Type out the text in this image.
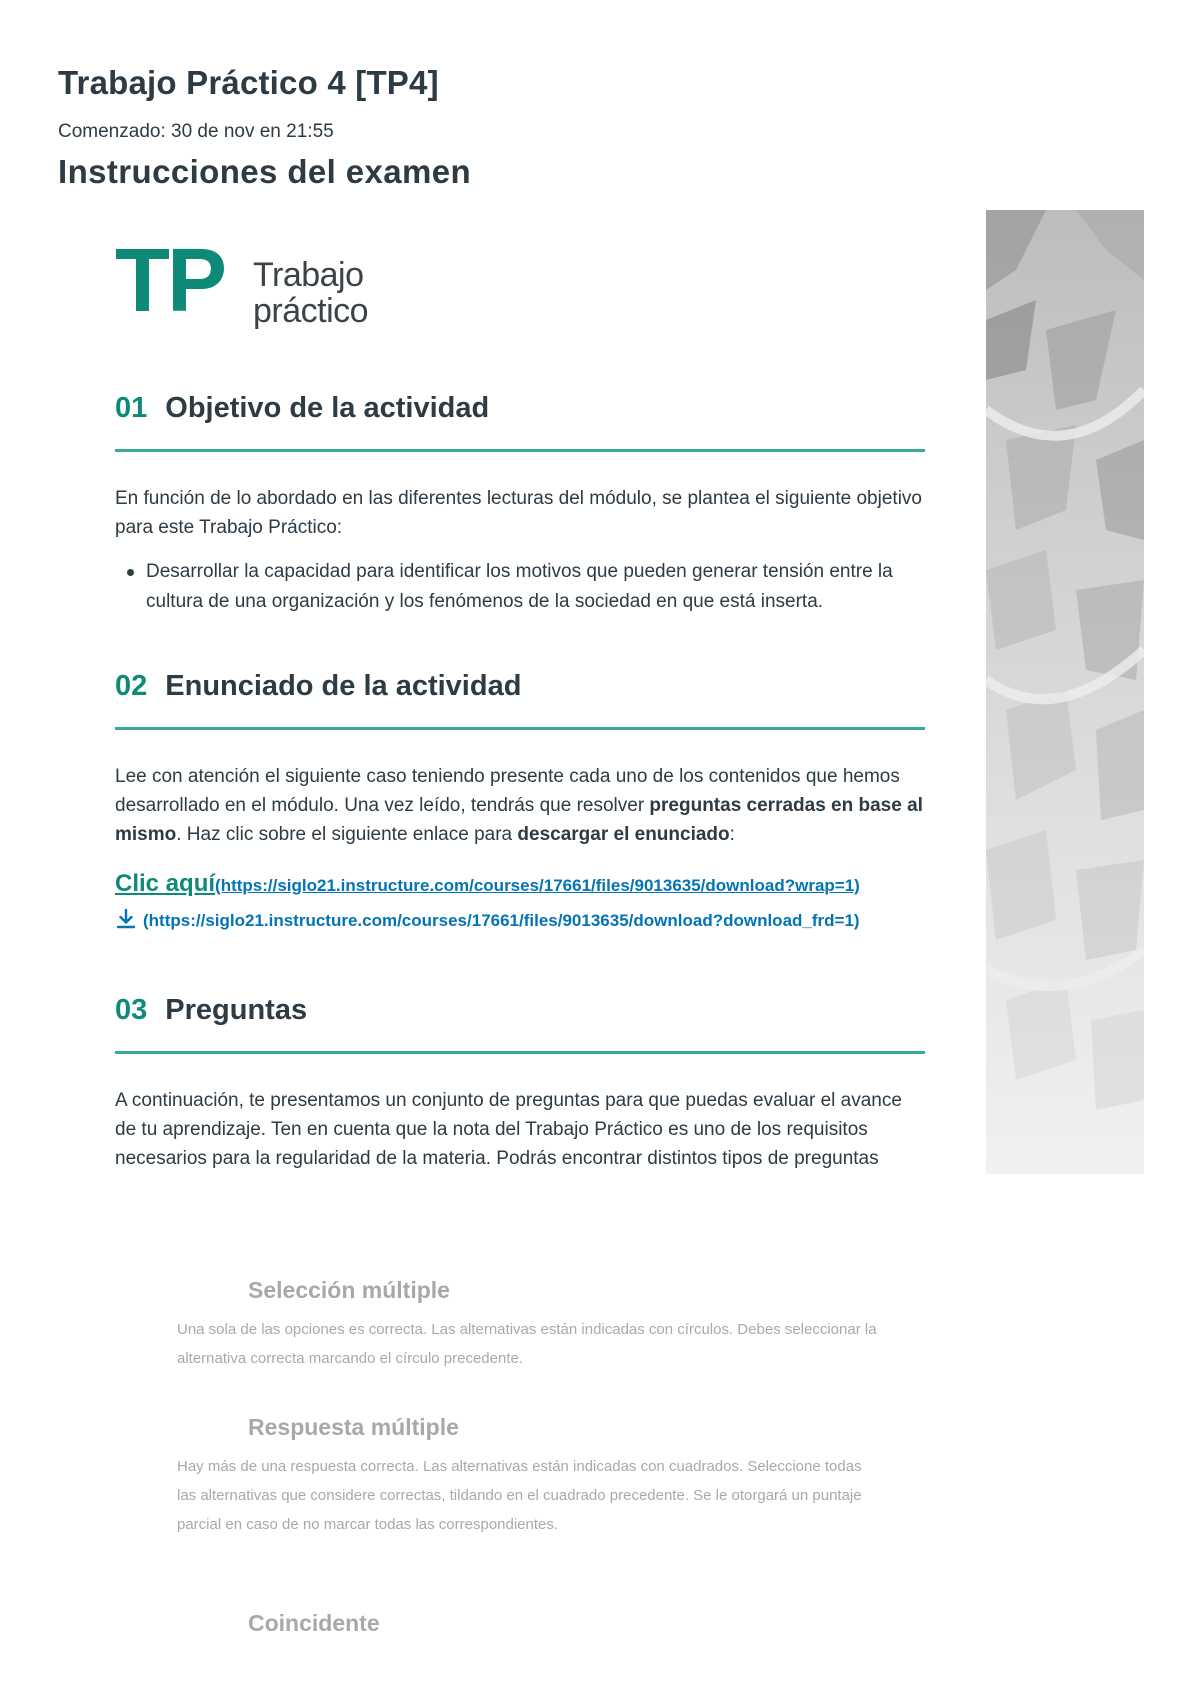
Trabajo Práctico 4 [TP4]
Comenzado: 30 de nov en 21:55
Instrucciones del examen
TP Trabajo
práctico
01 Objetivo de la actividad

En función de lo abordado en las diferentes lecturas del módulo, se plantea el siguiente objetivo para este Trabajo Práctico:

Desarrollar la capacidad para identificar los motivos que pueden generar tensión entre la cultura de una organización y los fenómenos de la sociedad en que está inserta.
02 Enunciado de la actividad

Lee con atención el siguiente caso teniendo presente cada uno de los contenidos que hemos desarrollado en el módulo. Una vez leído, tendrás que resolver preguntas cerradas en base al mismo. Haz clic sobre el siguiente enlace para descargar el enunciado:

Clic aquí(https://siglo21.instructure.com/courses/17661/files/9013635/download?wrap=1)
(https://siglo21.instructure.com/courses/17661/files/9013635/download?download_frd=1)
03 Preguntas

A continuación, te presentamos un conjunto de preguntas para que puedas evaluar el avance de tu aprendizaje. Ten en cuenta que la nota del Trabajo Práctico es uno de los requisitos necesarios para la regularidad de la materia. Podrás encontrar distintos tipos de preguntas

Selección múltiple

Una sola de las opciones es correcta. Las alternativas están indicadas con círculos. Debes seleccionar la alternativa correcta marcando el círculo precedente.

Respuesta múltiple

Hay más de una respuesta correcta. Las alternativas están indicadas con cuadrados. Seleccione todas las alternativas que considere correctas, tildando en el cuadrado precedente. Se le otorgará un puntaje parcial en caso de no marcar todas las correspondientes.

Coincidente
